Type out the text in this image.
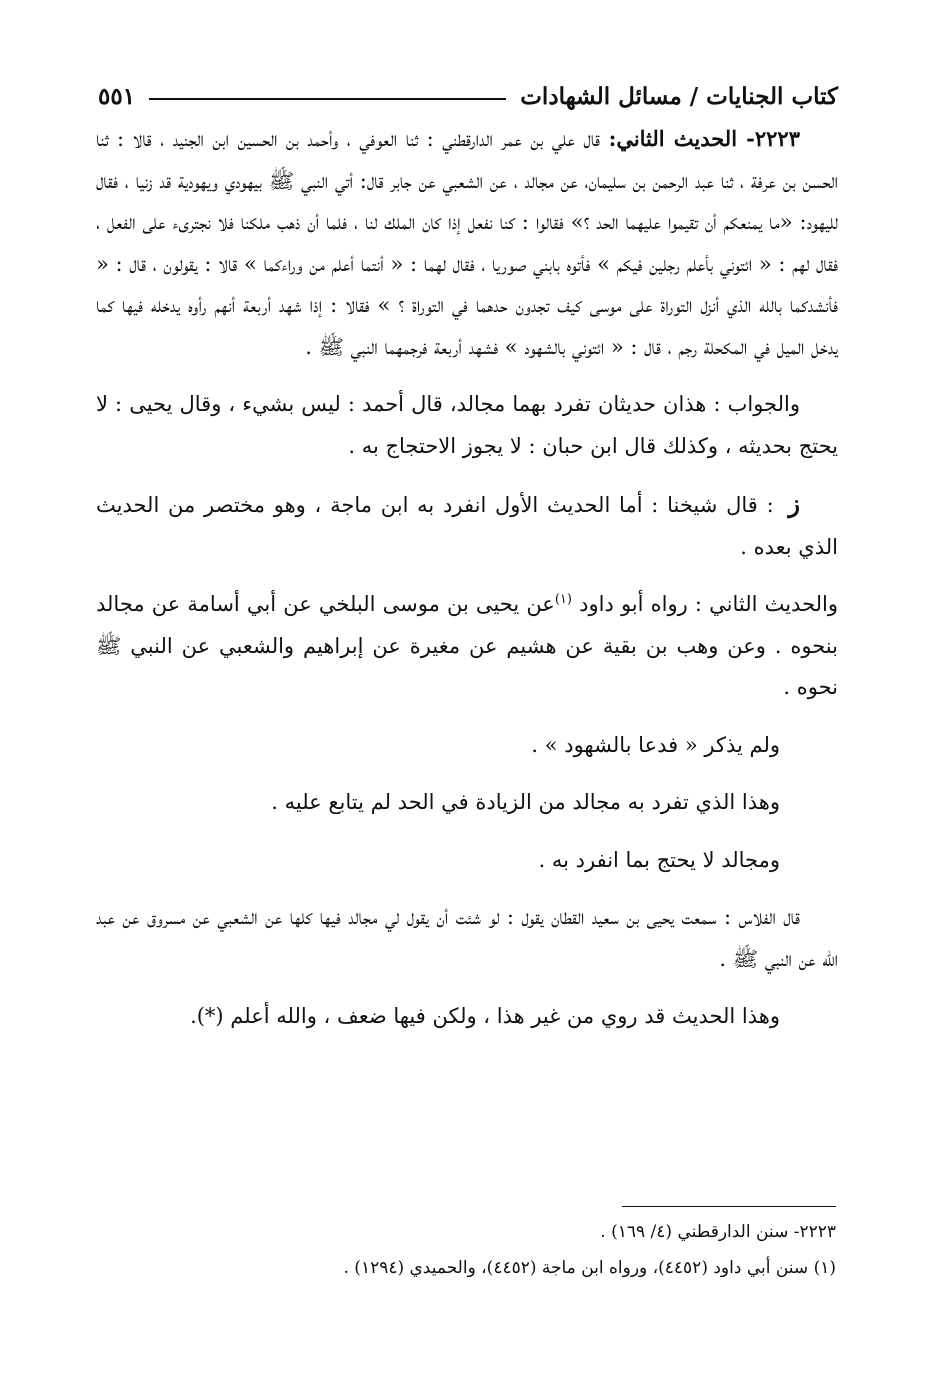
كتاب الجنايات / مسائل الشهادات
٥٥١

٢٢٢٣- الحديث الثاني: قال علي بن عمر الدارقطني : ثنا العوفي ، وأحمد بن الحسين ابن الجنيد ، قالا : ثنا الحسن بن عرفة ، ثنا عبد الرحمن بن سليمان، عن مجالد ، عن الشعبي عن جابر قال: أتي النبي ﷺ بيهودي ويهودية قد زنيا ، فقال لليهود: «ما يمنعكم أن تقيموا عليهما الحد ؟» فقالوا : كنا نفعل إذا كان الملك لنا ، فلما أن ذهب ملكنا فلا نجترىء على الفعل ، فقال لهم : « ائتوني بأعلم رجلين فيكم » فأتوه بابني صوريا ، فقال لهما : « أنتما أعلم من وراءكما » قالا : يقولون ، قال : « فأنشدكما بالله الذي أنزل التوراة على موسى كيف تجدون حدهما في التوراة ؟ » فقالا : إذا شهد أربعة أنهم رأوه يدخله فيها كما يدخل الميل في المكحلة رجم ، قال : « ائتوني بالشهود » فشهد أربعة فرجمهما النبي ﷺ .

والجواب : هذان حديثان تفرد بهما مجالد، قال أحمد : ليس بشيء ، وقال يحيى : لا يحتج بحديثه ، وكذلك قال ابن حبان : لا يجوز الاحتجاج به .

ز : قال شيخنا : أما الحديث الأول انفرد به ابن ماجة ، وهو مختصر من الحديث الذي بعده .

والحديث الثاني : رواه أبو داود $^{(١)}$عن يحيى بن موسى البلخي عن أبي أسامة عن مجالد بنحوه . وعن وهب بن بقية عن هشيم عن مغيرة عن إبراهيم والشعبي عن النبي ﷺ نحوه .

ولم يذكر « فدعا بالشهود » .

وهذا الذي تفرد به مجالد من الزيادة في الحد لم يتابع عليه .

ومجالد لا يحتج بما انفرد به .

قال الفلاس : سمعت يحيى بن سعيد القطان يقول : لو شئت أن يقول لي مجالد فيها كلها عن الشعبي عن مسروق عن عبد الله عن النبي ﷺ .

وهذا الحديث قد روي من غير هذا ، ولكن فيها ضعف ، والله أعلم (*).

٢٢٢٣- سنن الدارقطني (٤/ ١٦٩) .

(١) سنن أبي داود (٤٤٥٢)، ورواه ابن ماجة (٤٤٥٢)، والحميدي (١٢٩٤) .
